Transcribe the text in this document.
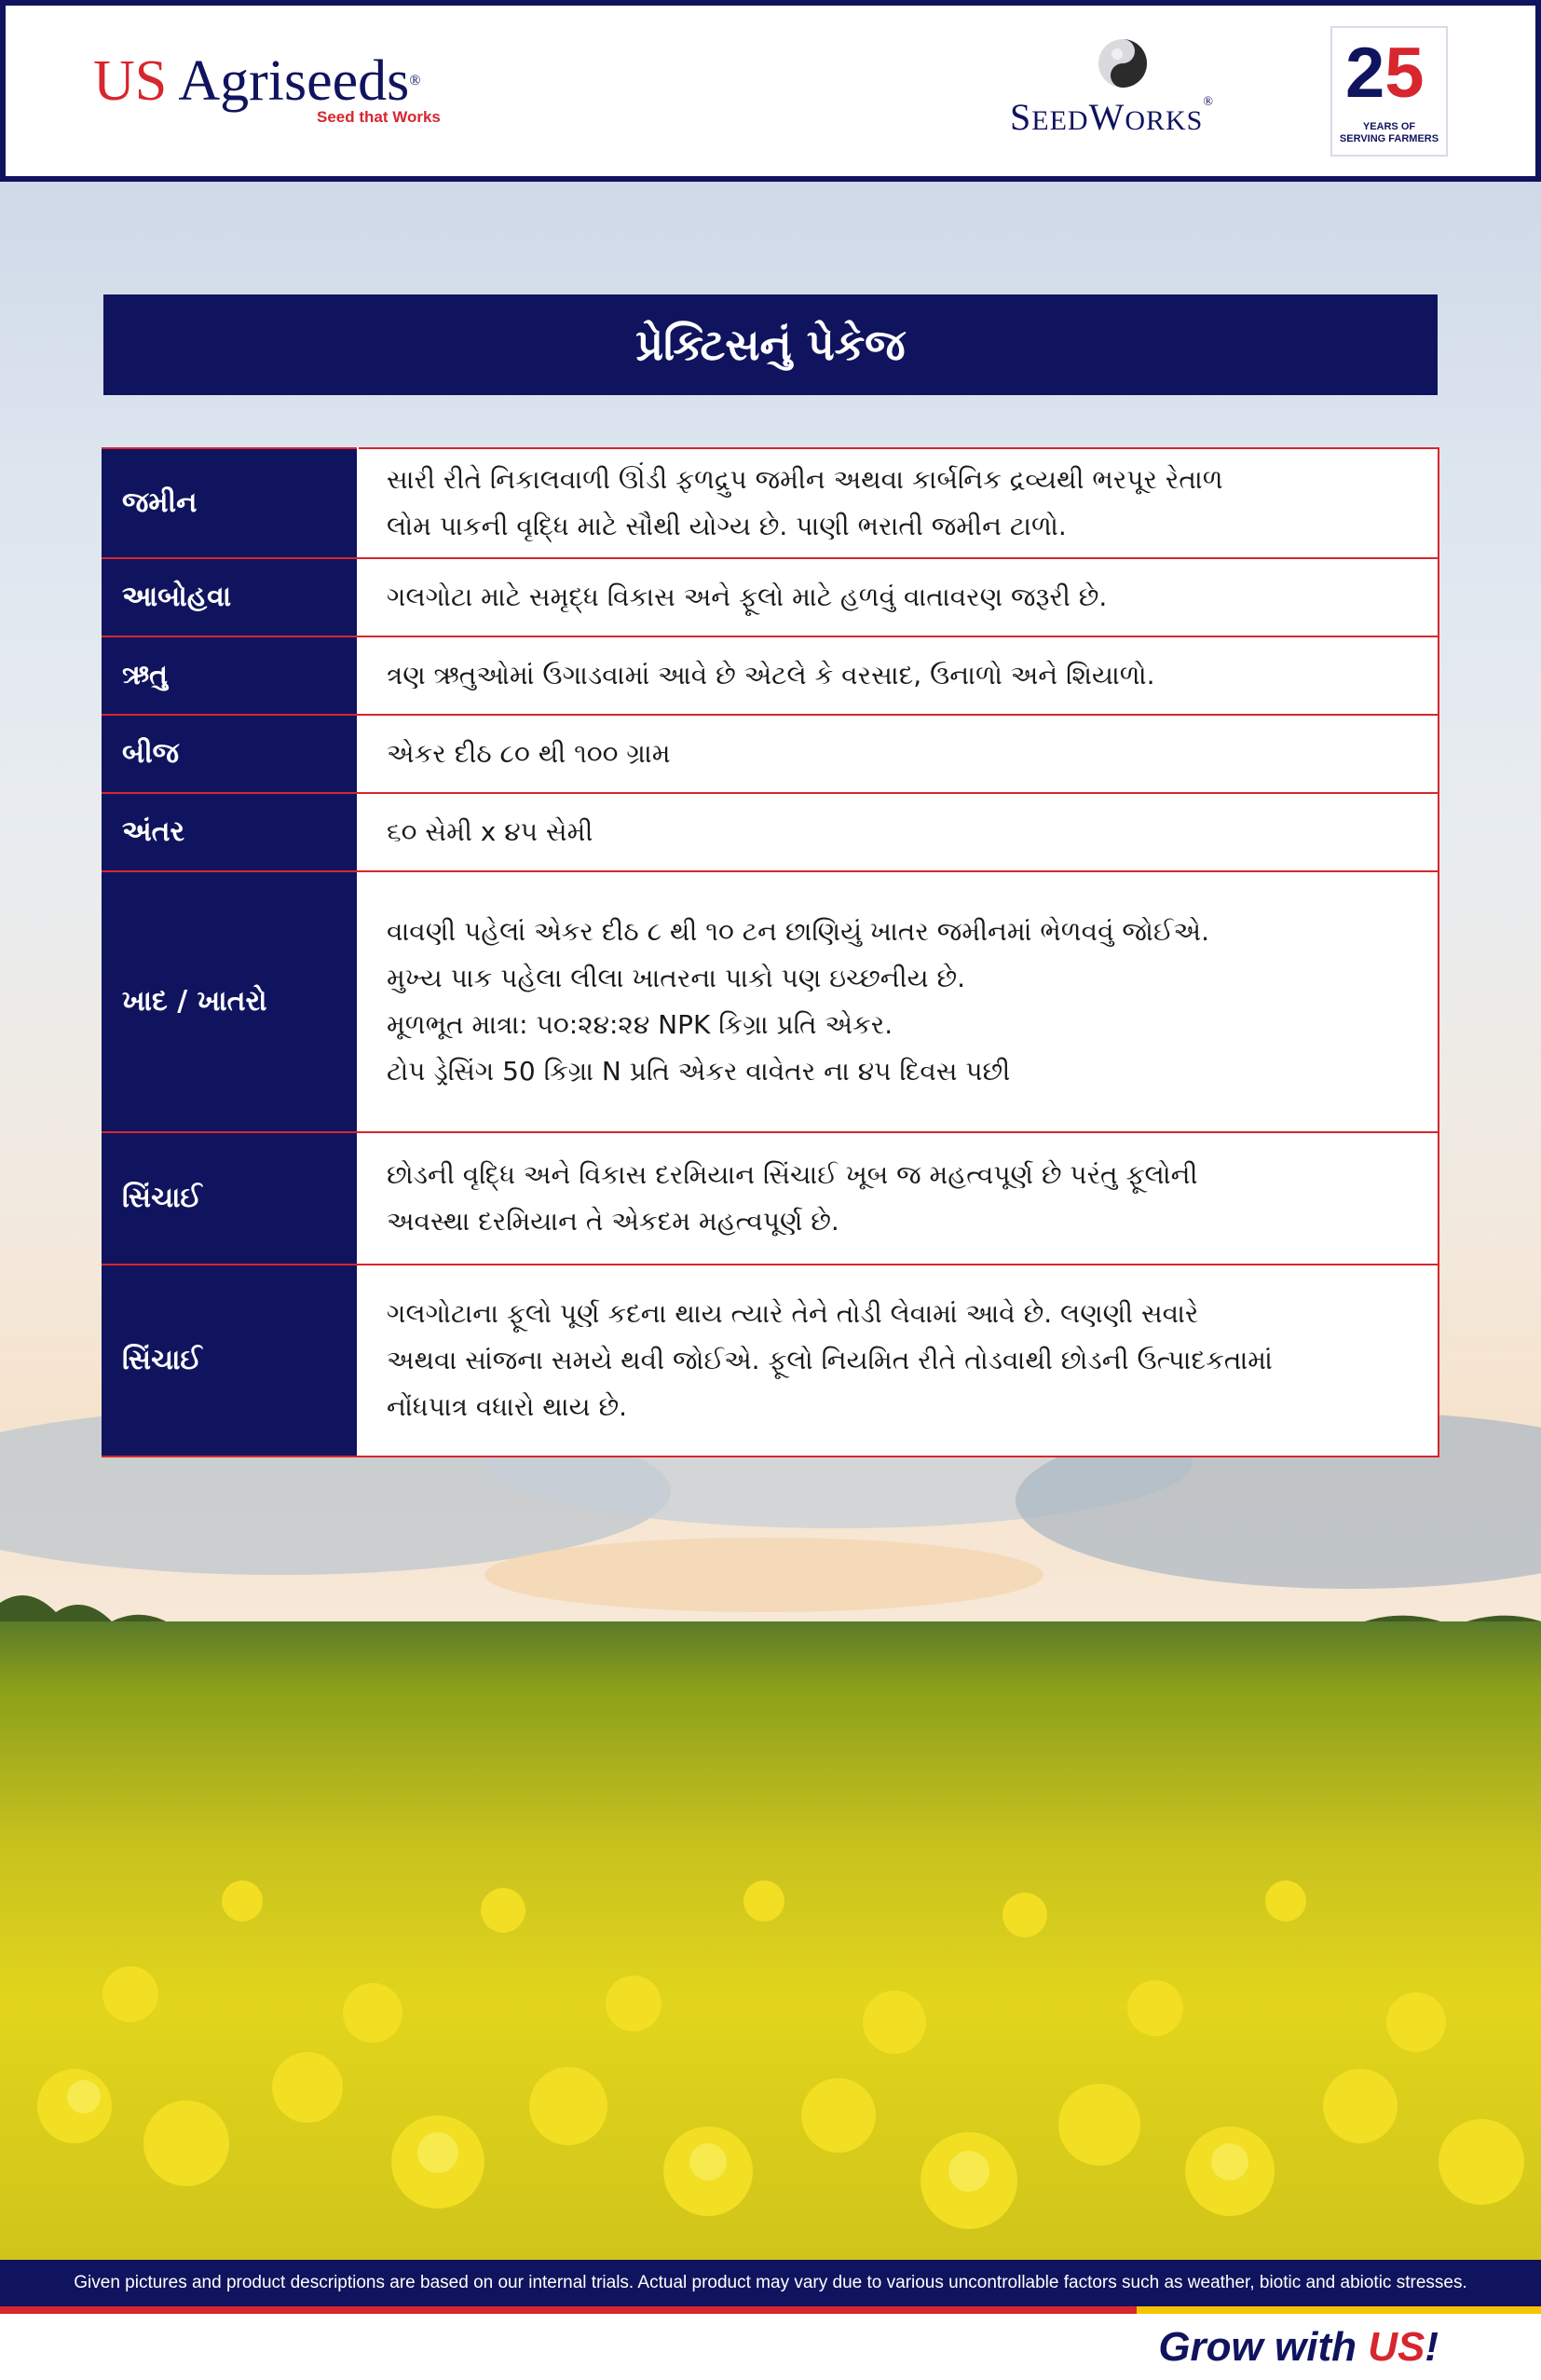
US Agriseeds®
Seed that Works	SEEDWORKS® 25
YEARS OF
SERVING FARMERS
પ્રેક્ટિસનું પેકેજ
જમીન	સારી રીતે નિકાલવાળી ઊંડી ફળદ્રુપ જમીન અથવા કાર્બનિક દ્રવ્યથી ભરપૂર રેતાળ
લોમ પાકની વૃદ્ધિ માટે સૌથી યોગ્ય છે. પાણી ભરાતી જમીન ટાળો.

આબોહવા	ગલગોટા માટે સમૃદ્ધ વિકાસ અને ફૂલો માટે હળવું વાતાવરણ જરૂરી છે.

ઋતુ	ત્રણ ઋતુઓમાં ઉગાડવામાં આવે છે એટલે કે વરસાદ, ઉનાળો અને શિયાળો.

બીજ	એકર દીઠ ૮૦ થી ૧૦૦ ગ્રામ

અંતર	૬૦ સેમી x ૪૫ સેમી

ખાદ / ખાતરો	વાવણી પહેલાં એકર દીઠ ૮ થી ૧૦ ટન છાણિયું ખાતર જમીનમાં ભેળવવું જોઈએ.
મુખ્ય પાક પહેલા લીલા ખાતરના પાકો પણ ઇચ્છનીય છે.
મૂળભૂત માત્રા: ૫૦:૨૪:૨૪ NPK કિગ્રા પ્રતિ એકર.
ટોપ ડ્રેસિંગ 50 કિગ્રા N પ્રતિ એકર વાવેતર ના ૪૫ દિવસ પછી

સિંચાઈ	છોડની વૃદ્ધિ અને વિકાસ દરમિયાન સિંચાઈ ખૂબ જ મહત્વપૂર્ણ છે પરંતુ ફૂલોની
અવસ્થા દરમિયાન તે એકદમ મહત્વપૂર્ણ છે.

સિંચાઈ	ગલગોટાના ફૂલો પૂર્ણ કદના થાય ત્યારે તેને તોડી લેવામાં આવે છે. લણણી સવારે
અથવા સાંજના સમયે થવી જોઈએ. ફૂલો નિયમિત રીતે તોડવાથી છોડની ઉત્પાદકતામાં
નોંધપાત્ર વધારો થાય છે.
Given pictures and product descriptions are based on our internal trials. Actual product may vary due to various uncontrollable factors such as weather, biotic and abiotic stresses.
Grow with US!
